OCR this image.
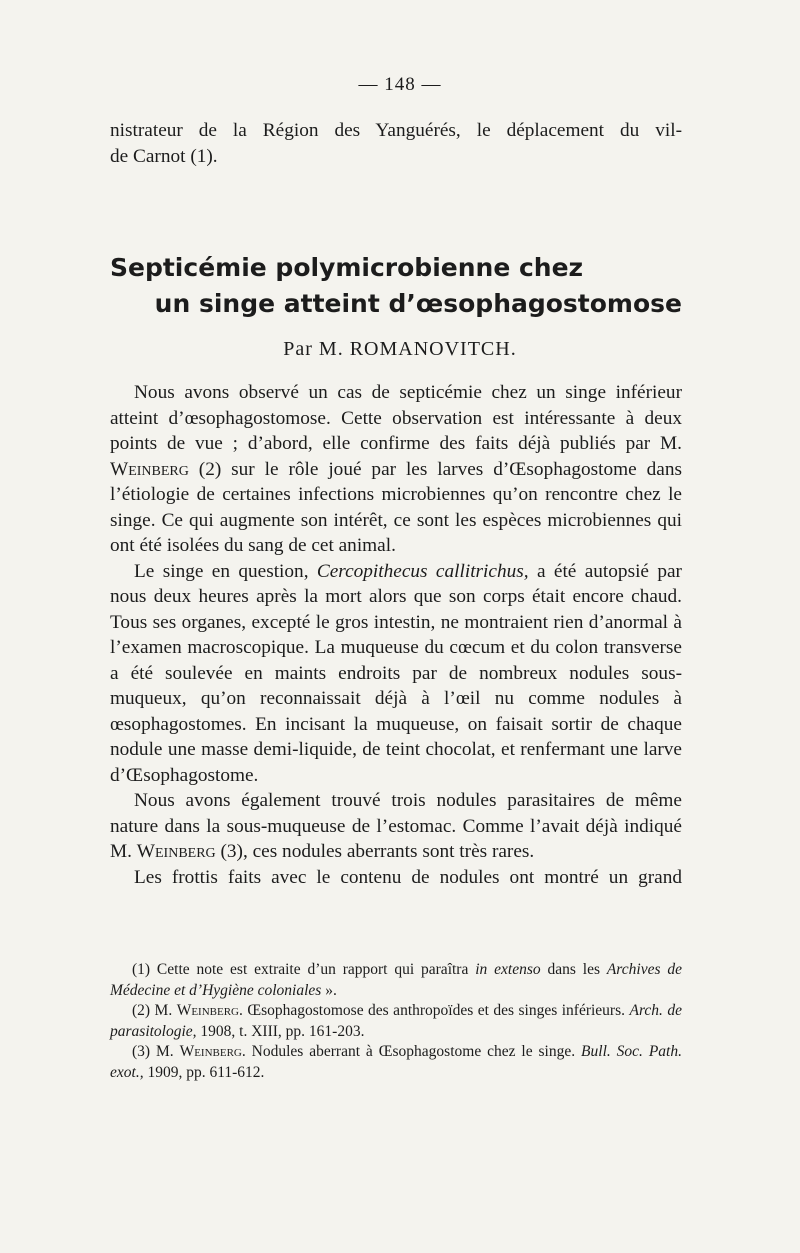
— 148 —

nistrateur de la Région des Yanguérés, le déplacement du vil-

de Carnot (1).

Septicémie polymicrobienne chez
un singe atteint d’œsophagostomose
Par M. ROMANOVITCH.

Nous avons observé un cas de septicémie chez un singe inférieur atteint d’œsophagostomose. Cette observation est intéressante à deux points de vue ; d’abord, elle confirme des faits déjà publiés par M. Weinberg (2) sur le rôle joué par les larves d’Œsophagostome dans l’étiologie de certaines infections microbiennes qu’on rencontre chez le singe. Ce qui augmente son intérêt, ce sont les espèces microbiennes qui ont été isolées du sang de cet animal.

Le singe en question, Cercopithecus callitrichus, a été autopsié par nous deux heures après la mort alors que son corps était encore chaud. Tous ses organes, excepté le gros intestin, ne montraient rien d’anormal à l’examen macroscopique. La muqueuse du cœcum et du colon transverse a été soulevée en maints endroits par de nombreux nodules sous-muqueux, qu’on reconnaissait déjà à l’œil nu comme nodules à œsophagostomes. En incisant la muqueuse, on faisait sortir de chaque nodule une masse demi-liquide, de teint chocolat, et renfermant une larve d’Œsophagostome.

Nous avons également trouvé trois nodules parasitaires de même nature dans la sous-muqueuse de l’estomac. Comme l’avait déjà indiqué M. Weinberg (3), ces nodules aberrants sont très rares.

Les frottis faits avec le contenu de nodules ont montré un grand

(1) Cette note est extraite d’un rapport qui paraîtra in extenso dans les Archives de Médecine et d’Hygiène coloniales ».

(2) M. Weinberg. Œsophagostomose des anthropoïdes et des singes inférieurs. Arch. de parasitologie, 1908, t. XIII, pp. 161-203.

(3) M. Weinberg. Nodules aberrant à Œsophagostome chez le singe. Bull. Soc. Path. exot., 1909, pp. 611-612.
